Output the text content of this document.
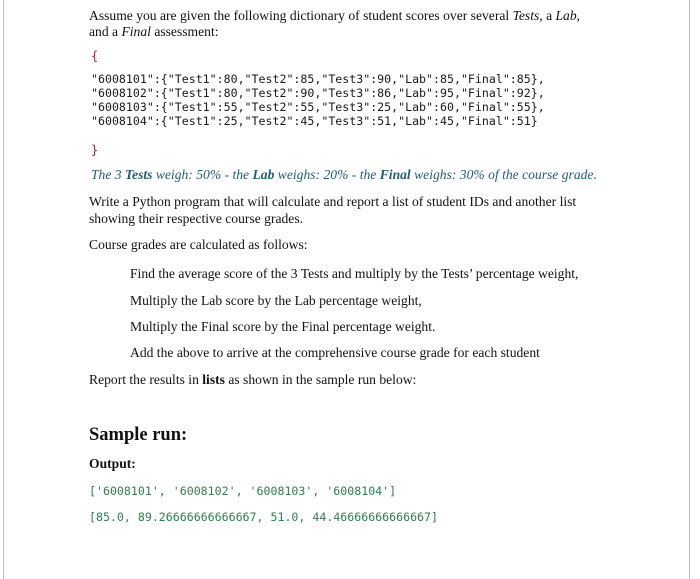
Assume you are given the following dictionary of student scores over several Tests, a Lab,
and a Final assessment:
{
"6008101":{"Test1":80,"Test2":85,"Test3":90,"Lab":85,"Final":85},
"6008102":{"Test1":80,"Test2":90,"Test3":86,"Lab":95,"Final":92},
"6008103":{"Test1":55,"Test2":55,"Test3":25,"Lab":60,"Final":55},
"6008104":{"Test1":25,"Test2":45,"Test3":51,"Lab":45,"Final":51}
}
The 3 Tests weigh: 50% - the Lab weighs: 20% - the Final weighs: 30% of the course grade.
Write a Python program that will calculate and report a list of student IDs and another list
showing their respective course grades.
Course grades are calculated as follows:
Find the average score of the 3 Tests and multiply by the Tests’ percentage weight,
Multiply the Lab score by the Lab percentage weight,
Multiply the Final score by the Final percentage weight.
Add the above to arrive at the comprehensive course grade for each student
Report the results in lists as shown in the sample run below:
Sample run:
Output:
['6008101', '6008102', '6008103', '6008104']
[85.0, 89.26666666666667, 51.0, 44.46666666666667]
